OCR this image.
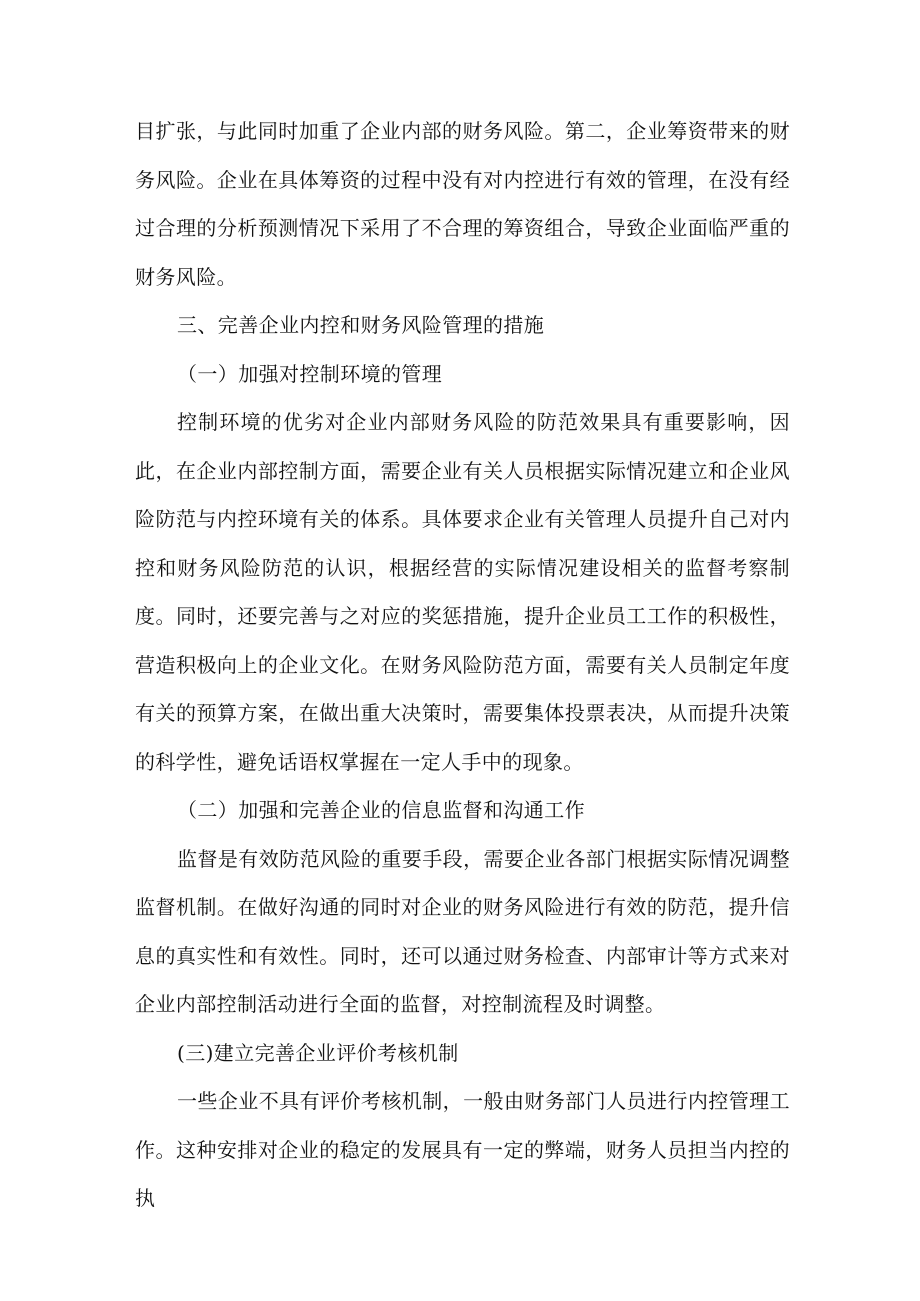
目扩张，与此同时加重了企业内部的财务风险。第二，企业筹资带来的财务风险。企业在具体筹资的过程中没有对内控进行有效的管理，在没有经过合理的分析预测情况下采用了不合理的筹资组合，导致企业面临严重的财务风险。

三、完善企业内控和财务风险管理的措施

（一）加强对控制环境的管理

控制环境的优劣对企业内部财务风险的防范效果具有重要影响，因此，在企业内部控制方面，需要企业有关人员根据实际情况建立和企业风险防范与内控环境有关的体系。具体要求企业有关管理人员提升自己对内控和财务风险防范的认识，根据经营的实际情况建设相关的监督考察制度。同时，还要完善与之对应的奖惩措施，提升企业员工工作的积极性，营造积极向上的企业文化。在财务风险防范方面，需要有关人员制定年度有关的预算方案，在做出重大决策时，需要集体投票表决，从而提升决策的科学性，避免话语权掌握在一定人手中的现象。

（二）加强和完善企业的信息监督和沟通工作

监督是有效防范风险的重要手段，需要企业各部门根据实际情况调整监督机制。在做好沟通的同时对企业的财务风险进行有效的防范，提升信息的真实性和有效性。同时，还可以通过财务检查、内部审计等方式来对企业内部控制活动进行全面的监督，对控制流程及时调整。

(三)建立完善企业评价考核机制

一些企业不具有评价考核机制，一般由财务部门人员进行内控管理工作。这种安排对企业的稳定的发展具有一定的弊端，财务人员担当内控的执
